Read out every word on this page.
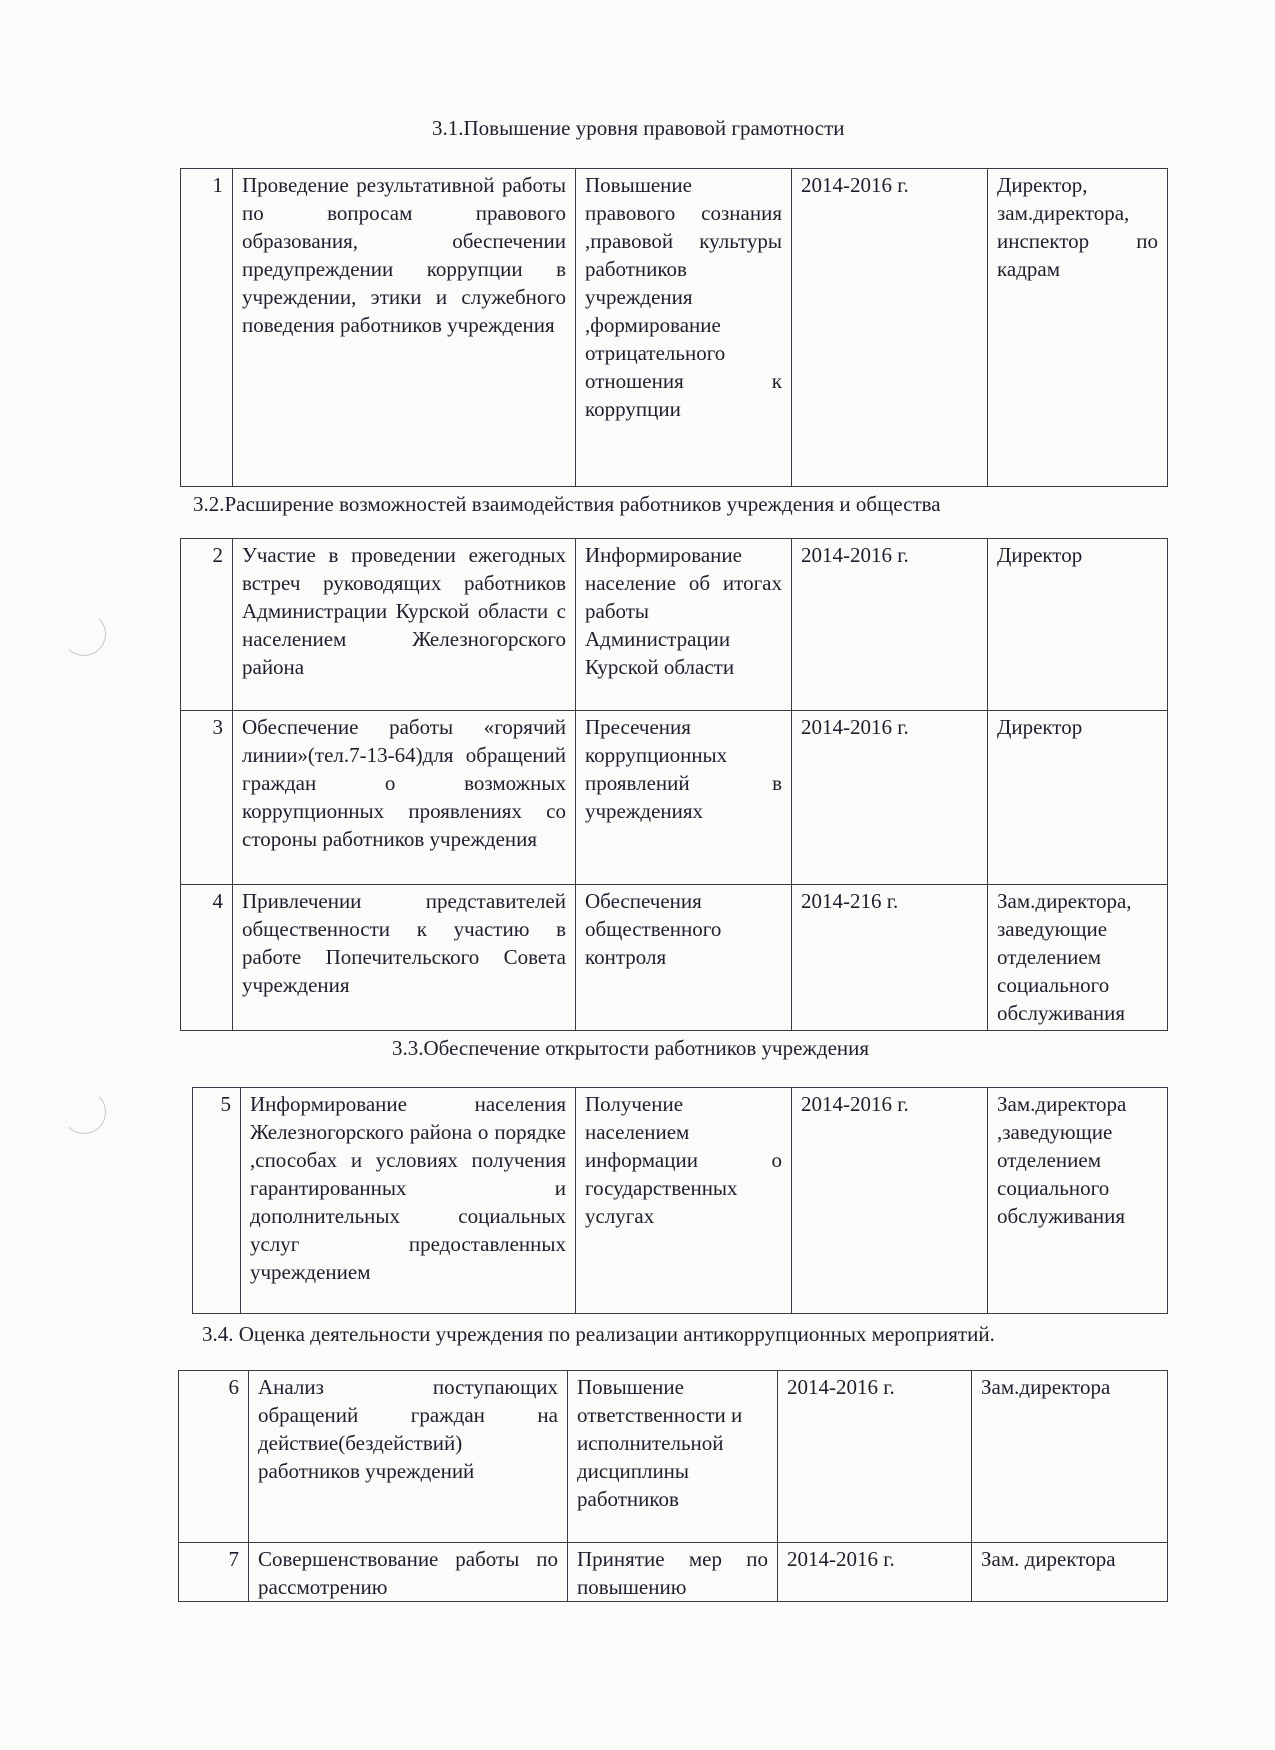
3.1.Повышение уровня правовой грамотности
1	Проведение результативной работы по вопросам правового образования, обеспечении предупреждении коррупции в учреждении, этики и служебного поведения работников учреждения	Повышение правового сознания ,правовой культуры работников учреждения ,формирование отрицательного отношения к коррупции	2014-2016 г.	Директор, зам.директора, инспектор по кадрам
3.2.Расширение возможностей взаимодействия работников учреждения и общества
2	Участие в проведении ежегодных встреч руководящих работников Администрации Курской области с населением Железногорского района	Информирование население об итогах работы Администрации Курской области	2014-2016 г.	Директор
3	Обеспечение работы «горячий линии»(тел.7-13-64)для обращений граждан о возможных коррупционных проявлениях со стороны работников учреждения	Пресечения коррупционных проявлений в учреждениях	2014-2016 г.	Директор
4	Привлечении представителей общественности к участию в работе Попечительского Совета учреждения	Обеспечения общественного контроля	2014-216 г.	Зам.директора, заведующие отделением социального обслуживания
3.3.Обеспечение открытости работников учреждения
5	Информирование населения Железногорского района о порядке ,способах и условиях получения гарантированных и дополнительных социальных услуг предоставленных учреждением	Получение населением информации о государственных услугах	2014-2016 г.	Зам.директора ,заведующие отделением социального обслуживания
3.4. Оценка деятельности учреждения по реализации антикоррупционных мероприятий.
6	Анализ поступающих обращений граждан на действие(бездействий) работников учреждений	Повышение ответственности и исполнительной дисциплины работников	2014-2016 г.	Зам.директора
7	Совершенствование работы по рассмотрению	Принятие мер по повышению	2014-2016 г.	Зам. директора
